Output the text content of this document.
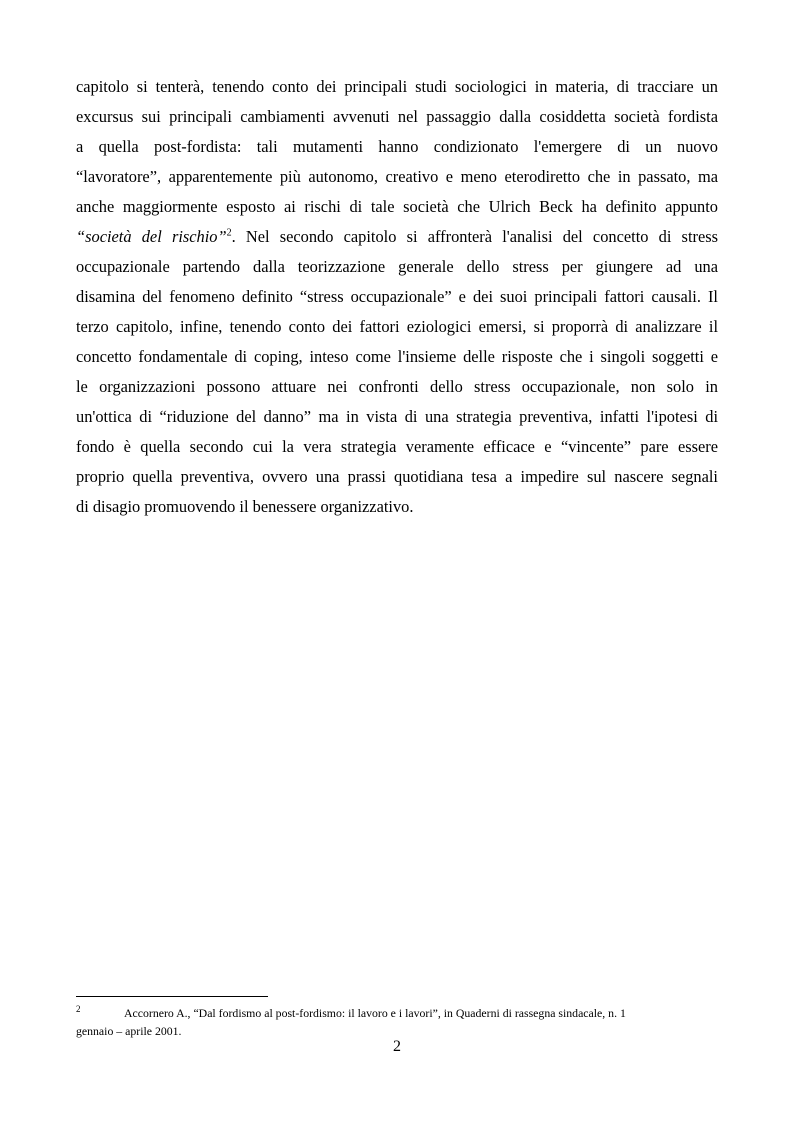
capitolo si tenterà, tenendo conto dei principali studi sociologici in materia, di tracciare un
excursus sui principali cambiamenti avvenuti nel passaggio dalla cosiddetta società fordista
a quella post-fordista: tali mutamenti hanno condizionato l'emergere di un nuovo
“lavoratore”, apparentemente più autonomo, creativo e meno eterodiretto che in passato, ma
anche maggiormente esposto ai rischi di tale società che Ulrich Beck ha definito appunto
“società del rischio”$^2$. Nel secondo capitolo si affronterà l'analisi del concetto di stress
occupazionale partendo dalla teorizzazione generale dello stress per giungere ad una
disamina del fenomeno definito “stress occupazionale” e dei suoi principali fattori causali. Il
terzo capitolo, infine, tenendo conto dei fattori eziologici emersi, si proporrà di analizzare il
concetto fondamentale di coping, inteso come l'insieme delle risposte che i singoli soggetti e
le organizzazioni possono attuare nei confronti dello stress occupazionale, non solo in
un'ottica di “riduzione del danno” ma in vista di una strategia preventiva, infatti l'ipotesi di
fondo è quella secondo cui la vera strategia veramente efficace e “vincente” pare essere
proprio quella preventiva, ovvero una prassi quotidiana tesa a impedire sul nascere segnali
di disagio promuovendo il benessere organizzativo.
2	Accornero A., “Dal fordismo al post-fordismo: il lavoro e i lavori”, in Quaderni di rassegna sindacale, n. 1
gennaio – aprile 2001.
2
